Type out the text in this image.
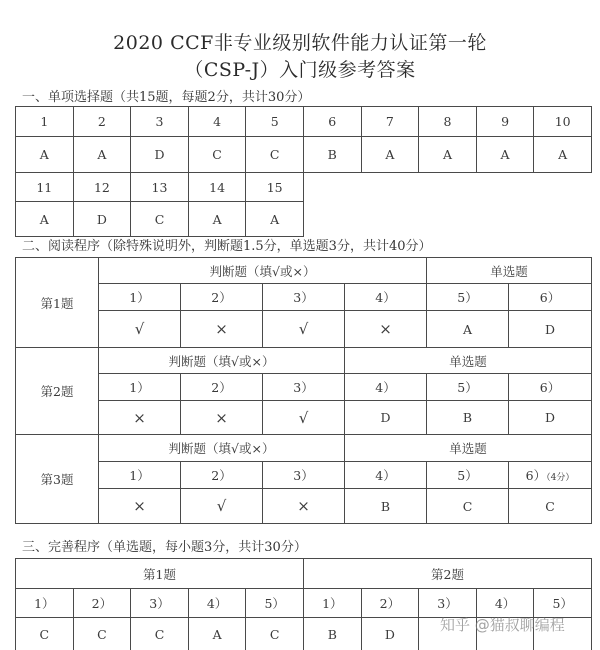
2020 CCF非专业级别软件能力认证第一轮
（CSP-J）入门级参考答案
一、单项选择题（共15题，每题2分，共计30分）
1	2	3	4	5	6	7	8	9	10
A	A	D	C	C	B	A	A	A	A
11	12	13	14	15					
A	D	C	A	A					
二、阅读程序（除特殊说明外，判断题1.5分，单选题3分，共计40分）
第1题	判断题（填√或×）				单选题	
	1）	2）	3）	4）	5）	6）
	√	×	√	×	A	D
第2题	判断题（填√或×）			单选题		
	1）	2）	3）	4）	5）	6）
	×	×	√	D	B	D
第3题	判断题（填√或×）			单选题		
	1）	2）	3）	4）	5）	6）（4分）
	×	√	×	B	C	C
三、完善程序（单选题，每小题3分，共计30分）
第1题					第2题				
1）	2）	3）	4）	5）	1）	2）	3）	4）	5）
C	C	C	A	C	B	D			
知乎 @猫叔聊编程
